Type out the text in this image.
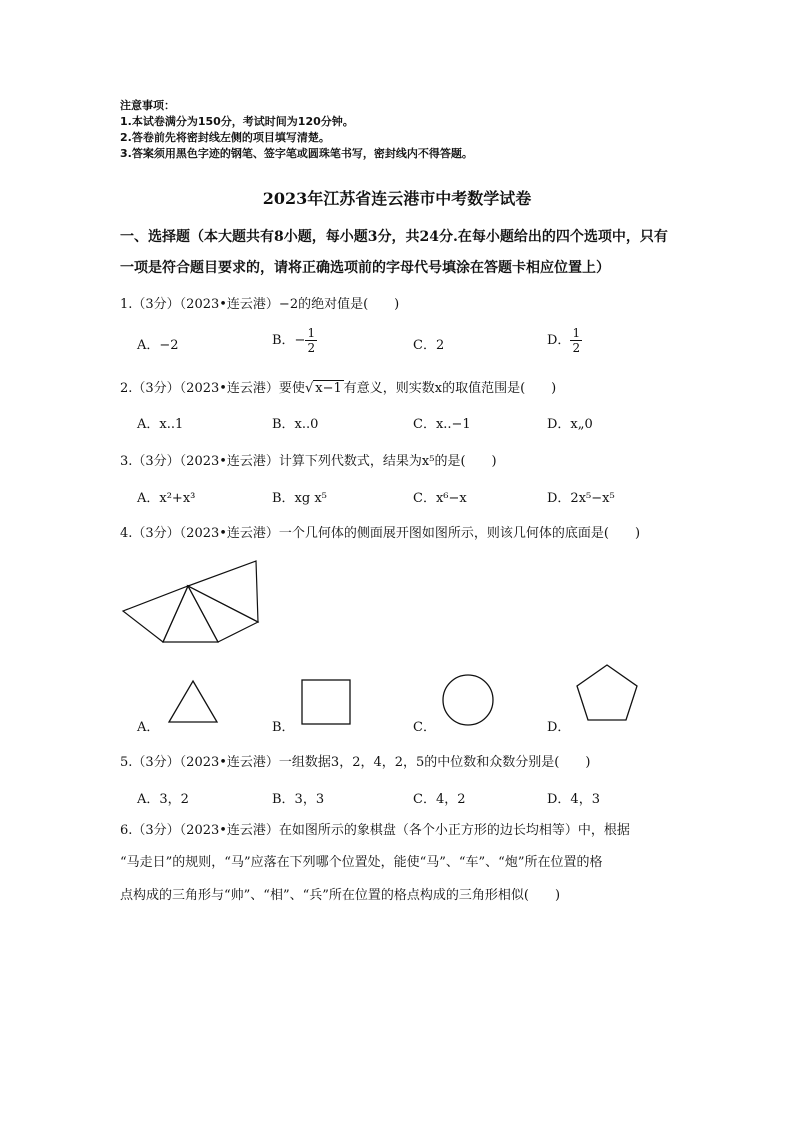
注意事项：
1.本试卷满分为150分，考试时间为120分钟。
2.答卷前先将密封线左侧的项目填写清楚。
3.答案须用黑色字迹的钢笔、签字笔或圆珠笔书写，密封线内不得答题。
2023年江苏省连云港市中考数学试卷
一、选择题（本大题共有8小题，每小题3分，共24分.在每小题给出的四个选项中，只有
一项是符合题目要求的，请将正确选项前的字母代号填涂在答题卡相应位置上）
1.（3分）（2023•连云港）−2的绝对值是(　　)
A．−2	B．− $\frac{1}{2}$	C．2	D． $\frac{1}{2}$
2.（3分）（2023•连云港）要使√ x−1 有意义，则实数x的取值范围是(　　)
A．x..1	B．x..0	C．x..−1	D．x„0
3.（3分）（2023•连云港）计算下列代数式，结果为x⁵的是(　　)
A．x²+x³	B．xg x⁵	C．x⁶−x	D．2x⁵−x⁵
4.（3分）（2023•连云港）一个几何体的侧面展开图如图所示，则该几何体的底面是(　　)
A．	B．	C．	D．
5.（3分）（2023•连云港）一组数据3，2，4，2，5的中位数和众数分别是(　　)
A．3，2	B．3，3	C．4，2	D．4，3
6.（3分）（2023•连云港）在如图所示的象棋盘（各个小正方形的边长均相等）中，根据
“马走日”的规则，“马”应落在下列哪个位置处，能使“马”、“车”、“炮”所在位置的格
点构成的三角形与“帅”、“相”、“兵”所在位置的格点构成的三角形相似(　　)
